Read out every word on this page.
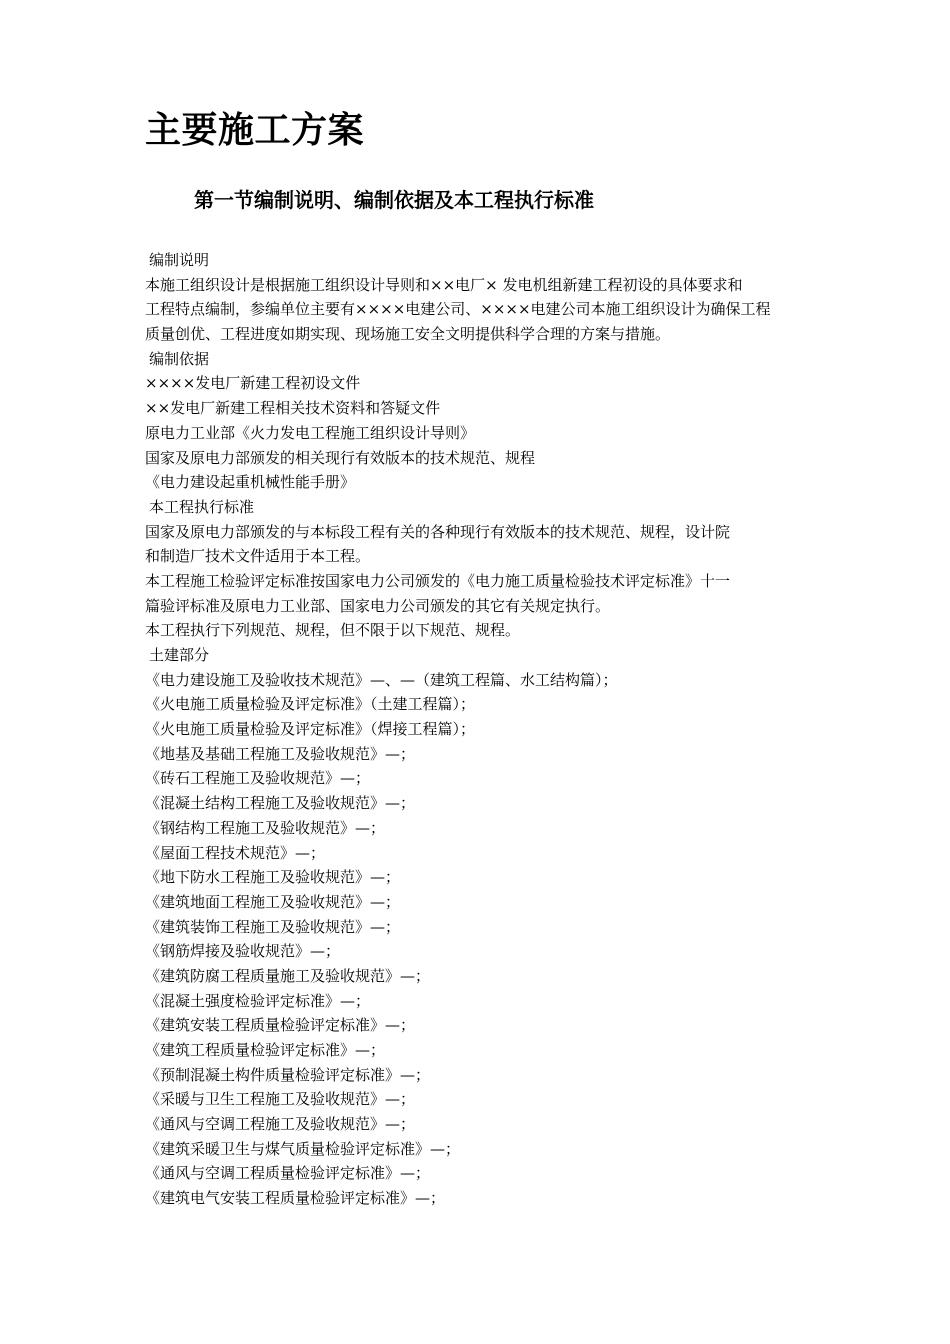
主要施工方案
第一节编制说明、编制依据及本工程执行标准
编制说明
本施工组织设计是根据施工组织设计导则和××电厂× 发电机组新建工程初设的具体要求和
工程特点编制，参编单位主要有××××电建公司、××××电建公司本施工组织设计为确保工程
质量创优、工程进度如期实现、现场施工安全文明提供科学合理的方案与措施。
编制依据
××××发电厂新建工程初设文件
××发电厂新建工程相关技术资料和答疑文件
原电力工业部《火力发电工程施工组织设计导则》
国家及原电力部颁发的相关现行有效版本的技术规范、规程
《电力建设起重机械性能手册》
本工程执行标准
国家及原电力部颁发的与本标段工程有关的各种现行有效版本的技术规范、规程，设计院
和制造厂技术文件适用于本工程。
本工程施工检验评定标准按国家电力公司颁发的《电力施工质量检验技术评定标准》十一
篇验评标准及原电力工业部、国家电力公司颁发的其它有关规定执行。
本工程执行下列规范、规程，但不限于以下规范、规程。
土建部分
《电力建设施工及验收技术规范》—、—（建筑工程篇、水工结构篇）；
《火电施工质量检验及评定标准》（土建工程篇）；
《火电施工质量检验及评定标准》（焊接工程篇）；
《地基及基础工程施工及验收规范》—；
《砖石工程施工及验收规范》—；
《混凝土结构工程施工及验收规范》—；
《钢结构工程施工及验收规范》—；
《屋面工程技术规范》—；
《地下防水工程施工及验收规范》—；
《建筑地面工程施工及验收规范》—；
《建筑装饰工程施工及验收规范》—；
《钢筋焊接及验收规范》—；
《建筑防腐工程质量施工及验收规范》—；
《混凝土强度检验评定标准》—；
《建筑安装工程质量检验评定标准》—；
《建筑工程质量检验评定标准》—；
《预制混凝土构件质量检验评定标准》—；
《采暖与卫生工程施工及验收规范》—；
《通风与空调工程施工及验收规范》—；
《建筑采暖卫生与煤气质量检验评定标准》—；
《通风与空调工程质量检验评定标准》—；
《建筑电气安装工程质量检验评定标准》—；
